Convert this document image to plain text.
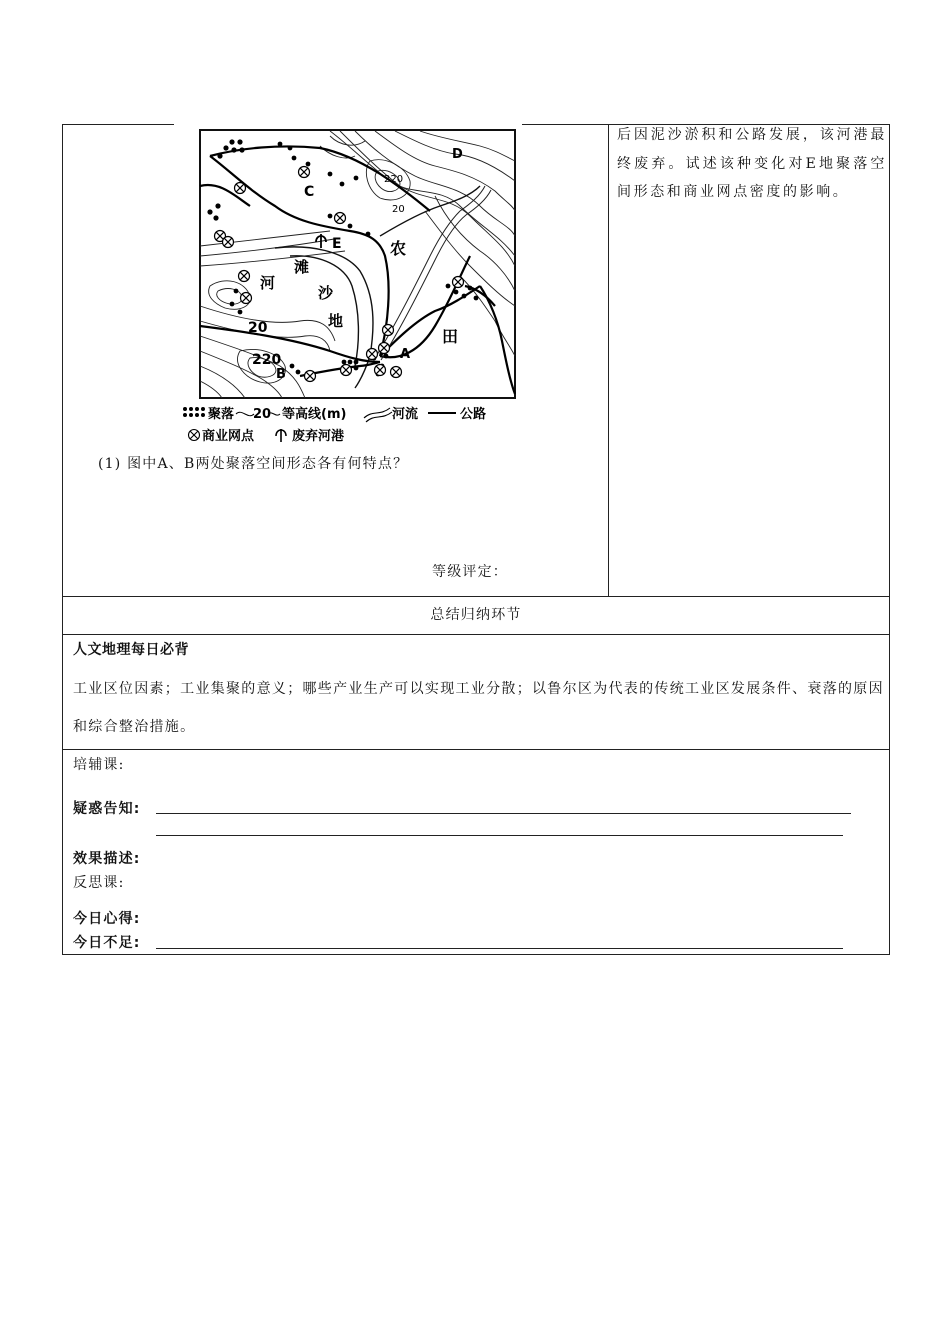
C
D
E
A
B
220
20
20
220
农
田
河
滩
沙
地
聚落 20 等高线(m)	河流	公路
商业网点	废弃河港
(1) 图中A、B两处聚落空间形态各有何特点？
等级评定：
后因泥沙淤积和公路发展，该河港最终废弃。试述该种变化对E地聚落空间形态和商业网点密度的影响。
总结归纳环节
人文地理每日必背
工业区位因素；工业集聚的意义；哪些产业生产可以实现工业分散；以鲁尔区为代表的传统工业区发展条件、衰落的原因和综合整治措施。
培辅课:
疑惑告知:
效果描述:
反思课:
今日心得:
今日不足:
